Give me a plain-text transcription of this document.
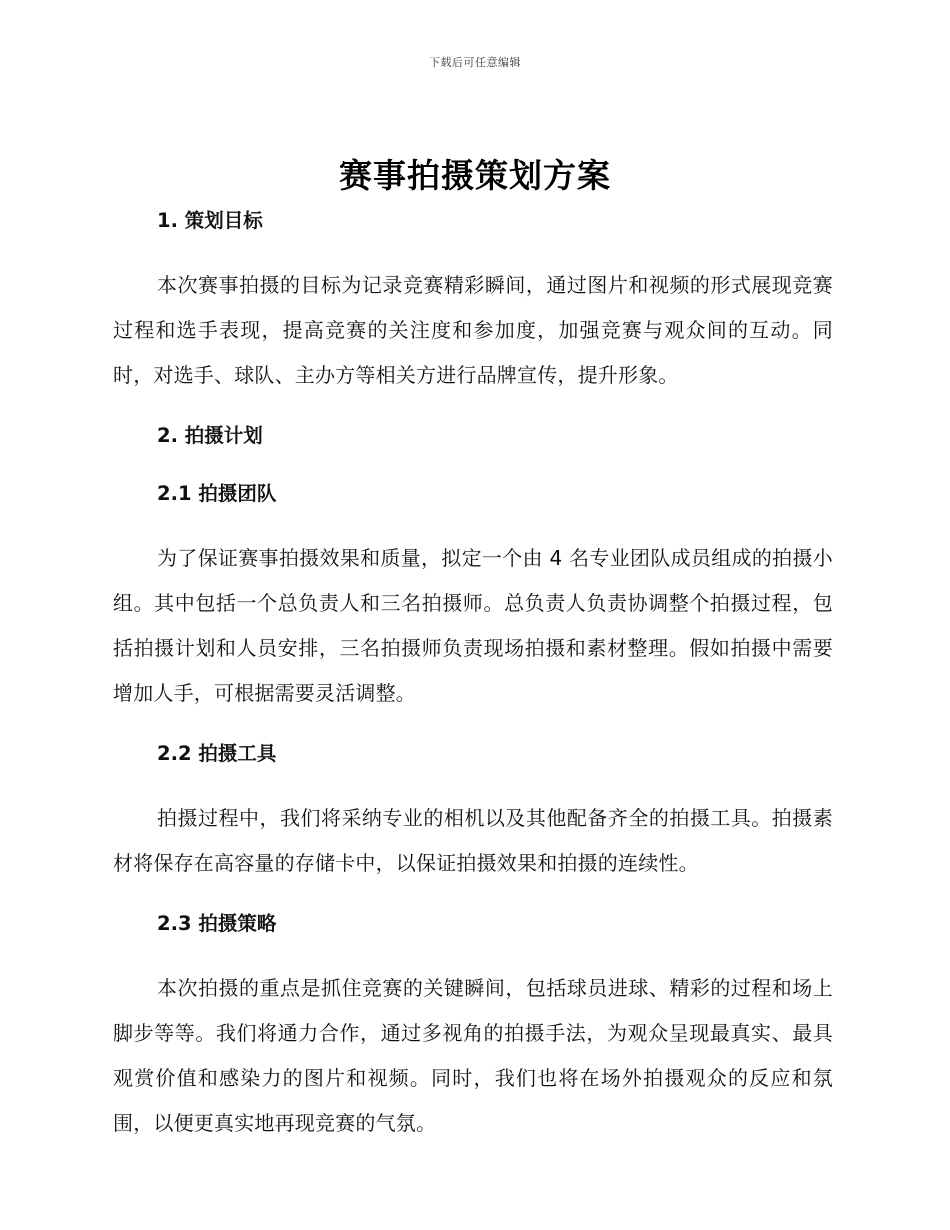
下载后可任意编辑
赛事拍摄策划方案
1. 策划目标

本次赛事拍摄的目标为记录竞赛精彩瞬间，通过图片和视频的形式展现竞赛过程和选手表现，提高竞赛的关注度和参加度，加强竞赛与观众间的互动。同时，对选手、球队、主办方等相关方进行品牌宣传，提升形象。

2. 拍摄计划
2.1 拍摄团队

为了保证赛事拍摄效果和质量，拟定一个由 4 名专业团队成员组成的拍摄小组。其中包括一个总负责人和三名拍摄师。总负责人负责协调整个拍摄过程，包括拍摄计划和人员安排，三名拍摄师负责现场拍摄和素材整理。假如拍摄中需要增加人手，可根据需要灵活调整。

2.2 拍摄工具

拍摄过程中，我们将采纳专业的相机以及其他配备齐全的拍摄工具。拍摄素材将保存在高容量的存储卡中，以保证拍摄效果和拍摄的连续性。

2.3 拍摄策略

本次拍摄的重点是抓住竞赛的关键瞬间，包括球员进球、精彩的过程和场上脚步等等。我们将通力合作，通过多视角的拍摄手法，为观众呈现最真实、最具观赏价值和感染力的图片和视频。同时，我们也将在场外拍摄观众的反应和氛围，以便更真实地再现竞赛的气氛。
